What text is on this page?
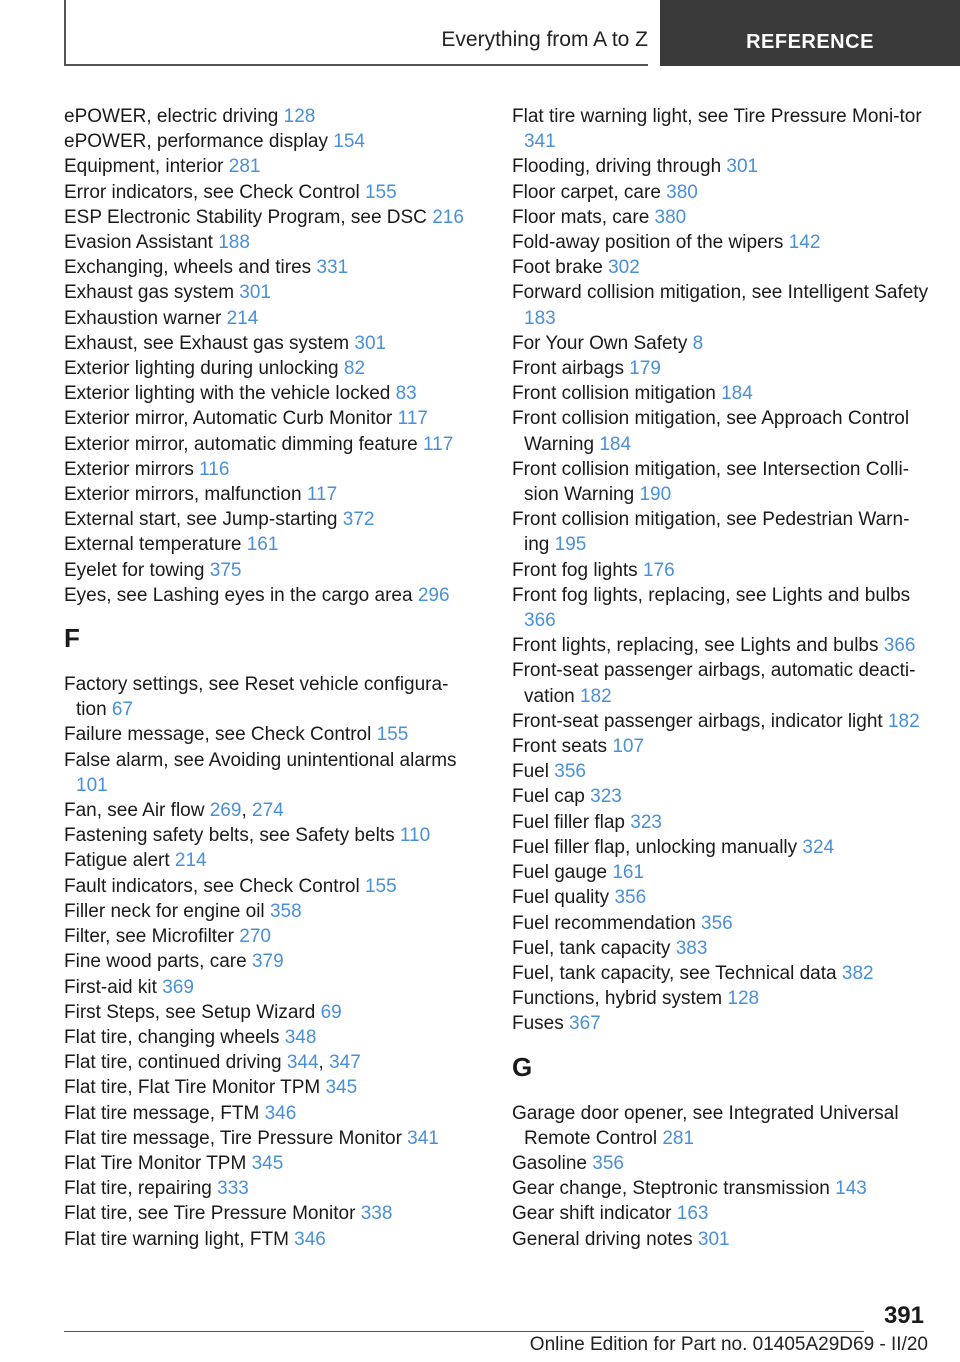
Everything from A to Z	REFERENCE
ePOWER, electric driving 128
ePOWER, performance display 154
Equipment, interior 281
Error indicators, see Check Control 155
ESP Electronic Stability Program, see DSC 216
Evasion Assistant 188
Exchanging, wheels and tires 331
Exhaust gas system 301
Exhaustion warner 214
Exhaust, see Exhaust gas system 301
Exterior lighting during unlocking 82
Exterior lighting with the vehicle locked 83
Exterior mirror, Automatic Curb Monitor 117
Exterior mirror, automatic dimming feature 117
Exterior mirrors 116
Exterior mirrors, malfunction 117
External start, see Jump-starting 372
External temperature 161
Eyelet for towing 375
Eyes, see Lashing eyes in the cargo area 296
F
Factory settings, see Reset vehicle configura-tion 67
Failure message, see Check Control 155
False alarm, see Avoiding unintentional alarms 101
Fan, see Air flow 269, 274
Fastening safety belts, see Safety belts 110
Fatigue alert 214
Fault indicators, see Check Control 155
Filler neck for engine oil 358
Filter, see Microfilter 270
Fine wood parts, care 379
First-aid kit 369
First Steps, see Setup Wizard 69
Flat tire, changing wheels 348
Flat tire, continued driving 344, 347
Flat tire, Flat Tire Monitor TPM 345
Flat tire message, FTM 346
Flat tire message, Tire Pressure Monitor 341
Flat Tire Monitor TPM 345
Flat tire, repairing 333
Flat tire, see Tire Pressure Monitor 338
Flat tire warning light, FTM 346
Flat tire warning light, see Tire Pressure Moni-tor 341
Flooding, driving through 301
Floor carpet, care 380
Floor mats, care 380
Fold-away position of the wipers 142
Foot brake 302
Forward collision mitigation, see Intelligent Safety 183
For Your Own Safety 8
Front airbags 179
Front collision mitigation 184
Front collision mitigation, see Approach Control Warning 184
Front collision mitigation, see Intersection Colli-sion Warning 190
Front collision mitigation, see Pedestrian Warn-ing 195
Front fog lights 176
Front fog lights, replacing, see Lights and bulbs 366
Front lights, replacing, see Lights and bulbs 366
Front-seat passenger airbags, automatic deacti-vation 182
Front-seat passenger airbags, indicator light 182
Front seats 107
Fuel 356
Fuel cap 323
Fuel filler flap 323
Fuel filler flap, unlocking manually 324
Fuel gauge 161
Fuel quality 356
Fuel recommendation 356
Fuel, tank capacity 383
Fuel, tank capacity, see Technical data 382
Functions, hybrid system 128
Fuses 367
G
Garage door opener, see Integrated Universal Remote Control 281
Gasoline 356
Gear change, Steptronic transmission 143
Gear shift indicator 163
General driving notes 301
391
Online Edition for Part no. 01405A29D69 - II/20
